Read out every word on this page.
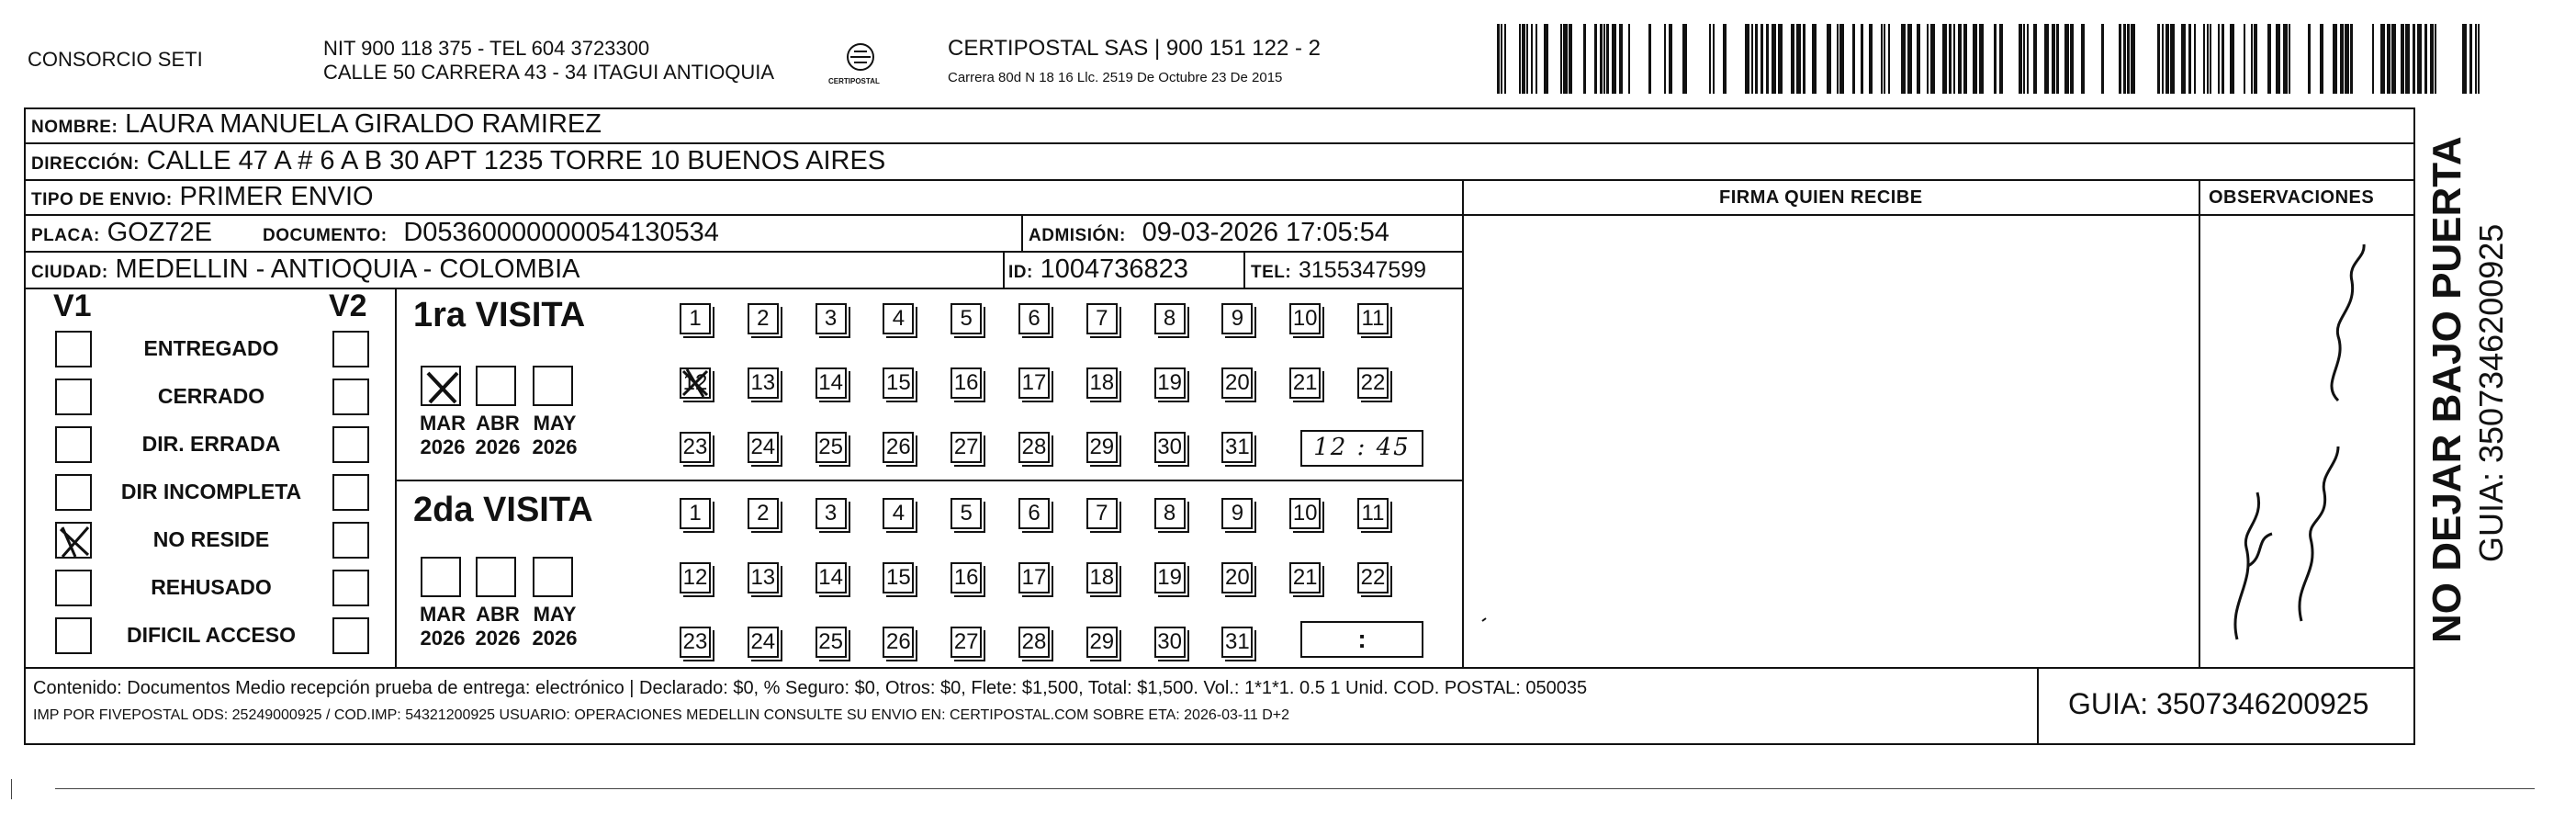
CONSORCIO SETI	NIT 900 118 375 - TEL 604 3723300
CALLE 50 CARRERA 43 - 34 ITAGUI ANTIOQUIA	CERTIPOSTAL
CERTIPOSTAL SAS | 900 151 122 - 2
Carrera 80d N 18 16 Llc. 2519 De Octubre 23 De 2015
NOMBRE: LAURA MANUELA GIRALDO RAMIREZ
DIRECCIÓN: CALLE 47 A # 6 A B 30 APT 1235 TORRE 10 BUENOS AIRES
TIPO DE ENVIO: PRIMER ENVIO	FIRMA QUIEN RECIBE	OBSERVACIONES
PLACA: GOZ72E	DOCUMENTO: D05360000000054130534	ADMISIÓN: 09-03-2026 17:05:54
CIUDAD: MEDELLIN - ANTIOQUIA - COLOMBIA	ID: 1004736823	TEL: 3155347599
V1	V2
ENTREGADO
CERRADO
DIR. ERRADA
DIR INCOMPLETA
NO RESIDE
REHUSADO
DIFICIL ACCESO
1ra VISITA
2da VISITA
MAR
2026
ABR
2026
MAY
2026
MAR
2026
ABR
2026
MAY
2026
1	2	3	4	5	6	7	8	9	10 11
12 13 14 15 16 17 18 19 20 21 22
23 24 25 26 27 28 29 30 31
1	2	3	4	5	6	7	8	9	10 11
12 13 14 15 16 17 18 19 20 21 22
23 24 25 26 27 28 29 30 31
12 : 45
:
Contenido: Documentos Medio recepción prueba de entrega: electrónico | Declarado: $0, % Seguro: $0, Otros: $0, Flete: $1,500, Total: $1,500. Vol.: 1*1*1. 0.5 1 Unid. COD. POSTAL: 050035
IMP POR FIVEPOSTAL ODS: 25249000925 / COD.IMP: 54321200925 USUARIO: OPERACIONES MEDELLIN CONSULTE SU ENVIO EN: CERTIPOSTAL.COM SOBRE ETA: 2026-03-11 D+2	GUIA: 3507346200925
NO DEJAR BAJO PUERTA GUIA: 3507346200925
